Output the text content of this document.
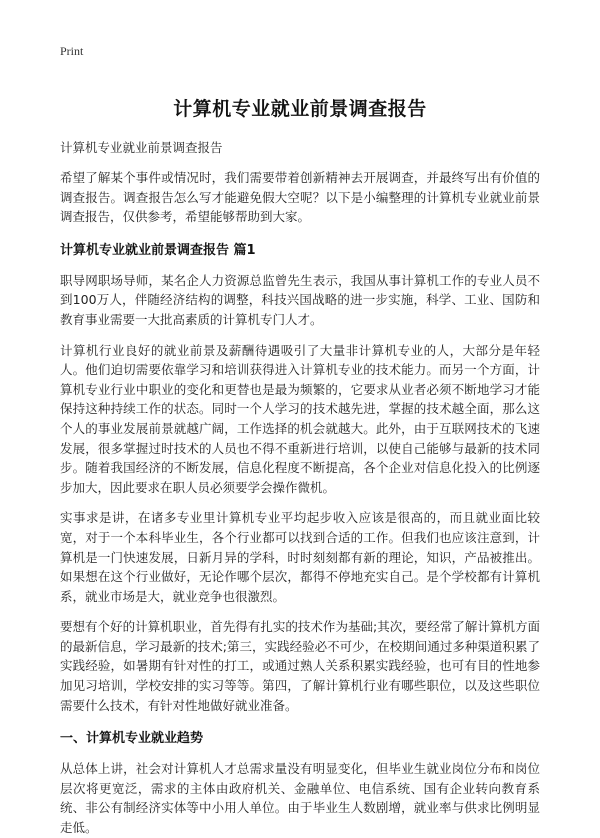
Print
计算机专业就业前景调查报告
计算机专业就业前景调查报告

希望了解某个事件或情况时，我们需要带着创新精神去开展调查，并最终写出有价值的调查报告。调查报告怎么写才能避免假大空呢？以下是小编整理的计算机专业就业前景调查报告，仅供参考，希望能够帮助到大家。

计算机专业就业前景调查报告 篇1

职导网职场导师，某名企人力资源总监曾先生表示，我国从事计算机工作的专业人员不到100万人，伴随经济结构的调整，科技兴国战略的进一步实施，科学、工业、国防和教育事业需要一大批高素质的计算机专门人才。

计算机行业良好的就业前景及薪酬待遇吸引了大量非计算机专业的人，大部分是年轻人。他们迫切需要依靠学习和培训获得进入计算机专业的技术能力。而另一个方面，计算机专业行业中职业的变化和更替也是最为频繁的，它要求从业者必须不断地学习才能保持这种持续工作的状态。同时一个人学习的技术越先进，掌握的技术越全面，那么这个人的事业发展前景就越广阔，工作选择的机会就越大。此外，由于互联网技术的飞速发展，很多掌握过时技术的人员也不得不重新进行培训，以使自己能够与最新的技术同步。随着我国经济的不断发展，信息化程度不断提高，各个企业对信息化投入的比例逐步加大，因此要求在职人员必须要学会操作微机。

实事求是讲，在诸多专业里计算机专业平均起步收入应该是很高的，而且就业面比较宽，对于一个本科毕业生，各个行业都可以找到合适的工作。但我们也应该注意到，计算机是一门快速发展，日新月异的学科，时时刻刻都有新的理论，知识，产品被推出。如果想在这个行业做好，无论作哪个层次，都得不停地充实自己。是个学校都有计算机系，就业市场是大，就业竞争也很激烈。

要想有个好的计算机职业，首先得有扎实的技术作为基础;其次，要经常了解计算机方面的最新信息，学习最新的技术;第三，实践经验必不可少，在校期间通过多种渠道积累了实践经验，如暑期有针对性的打工，或通过熟人关系积累实践经验，也可有目的性地参加见习培训，学校安排的实习等等。第四，了解计算机行业有哪些职位，以及这些职位需要什么技术，有针对性地做好就业准备。

一、计算机专业就业趋势

从总体上讲，社会对计算机人才总需求量没有明显变化，但毕业生就业岗位分布和岗位层次将更宽泛，需求的主体由政府机关、金融单位、电信系统、国有企业转向教育系统、非公有制经济实体等中小用人单位。由于毕业生人数剧增，就业率与供求比例明显走低。
